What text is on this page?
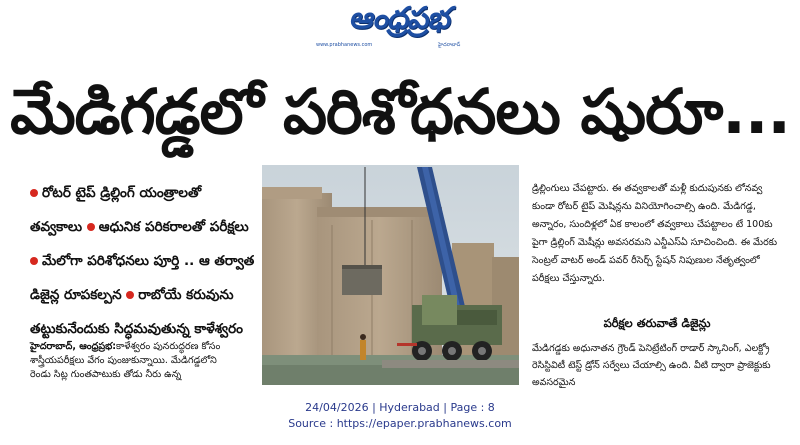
ఆంధ్రప్రభ
www.prabhanews.com	హైదరాబాద్
మేడిగడ్డలో పరిశోధనలు షురూ...
రోటర్ టైప్ డ్రిల్లింగ్ యంత్రాలతో
తవ్వకాలు ఆధునిక పరికరాలతో పరీక్షలు
మేలోగా పరిశోధనలు పూర్తి .. ఆ తర్వాత
డిజైన్ల రూపకల్పన రాబోయే కరువును
తట్టుకునేందుకు సిద్ధమవుతున్న కాళేశ్వరం
హైదరాబాద్, ఆంధ్రప్రభ:కాళేశ్వరం పునరుద్ధరణ కోసం
శాస్త్రీయపరీక్షలు వేగం పుంజుకున్నాయి. మేడిగడ్డలోని
రెండు సిట్ల గుంతపాటుకు తోడు నీరు ఉన్న
డ్రిల్లింగులు చేపట్టారు. ఈ తవ్వకాలతో మళ్లీ కుదుపునకు లోనవ్వ కుండా రోటర్ టైప్ మెషిన్లను వినియోగించాల్సి ఉంది. మేడిగడ్డ, అన్నారం, సుందిళ్లలో ఏక కాలంలో తవ్వకాలు చేపట్టాలం టే 100కు పైగా డ్రిల్లింగ్ మెషీన్లు అవసరమని ఎన్డీఎస్ఏ సూచించింది. ఈ మేరకు సెంట్రల్ వాటర్ అండ్ పవర్ రీసెర్చ్ స్టేషన్ నిపుణుల నేతృత్వంలో పరీక్షలు చేస్తున్నారు.
పరీక్షల తరువాతే డిజైన్లు
మేడిగడ్డకు అధునాతన గ్రౌండ్ పెనిట్రేటింగ్ రాడార్ స్కానింగ్, ఎలక్ట్రో రెసిస్టివిటీ టెస్ట్ డ్రోన్ సర్వేలు చేయాల్సి ఉంది. వీటి ద్వారా ప్రాజెక్టుకు అవసరమైన
24/04/2026 | Hyderabad | Page : 8
Source : https://epaper.prabhanews.com
